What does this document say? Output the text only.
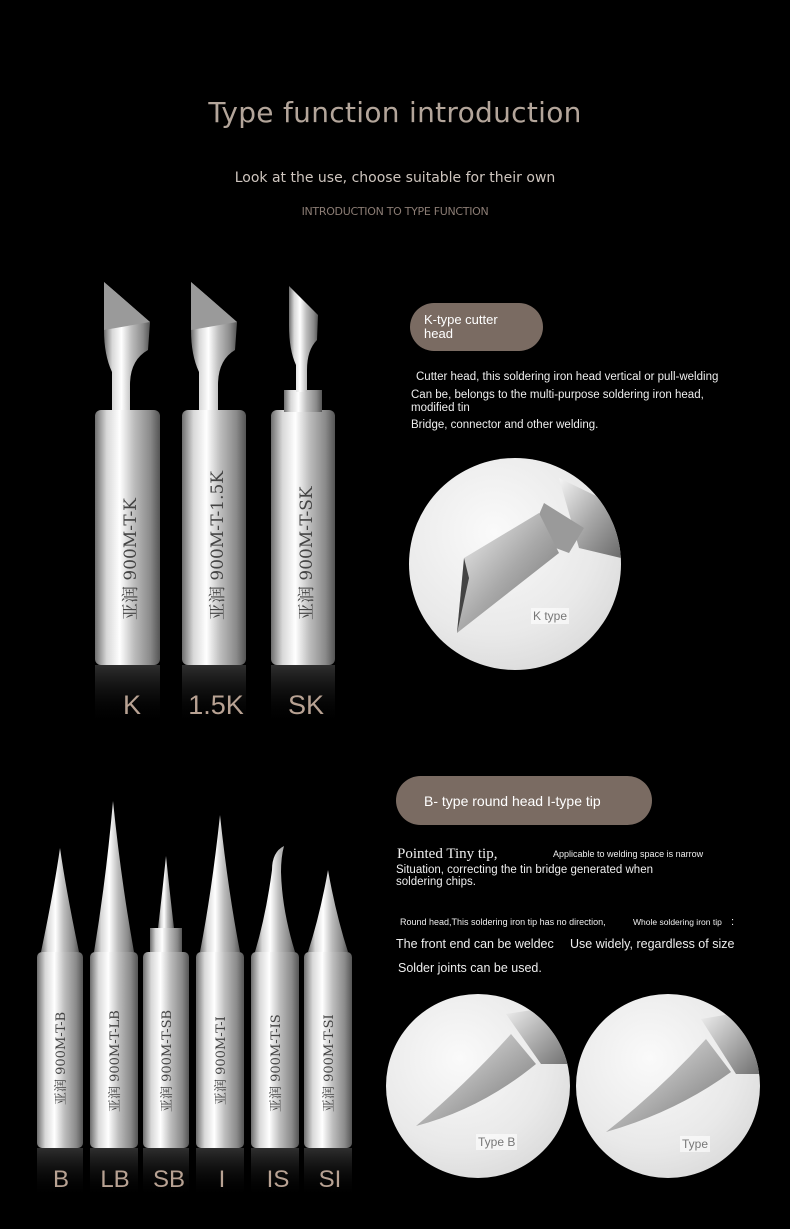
Type function introduction
Look at the use, choose suitable for their own
INTRODUCTION TO TYPE FUNCTION
亚润 900M-T-K	亚润 900M-T-1.5K	亚润 900M-T-SK
亚润 900M-T-B	亚润 900M-T-LB	亚润 900M-T-SB	亚润 900M-T-I	亚润 900M-T-IS	亚润 900M-T-SI
K	1.5K	SK
B LB SB	I	IS SI
K-type cutter head
Cutter head, this soldering iron head vertical or pull-welding
Can be, belongs to the multi-purpose soldering iron head, modified tin
Bridge, connector and other welding.
K type
B- type round head I-type tip
Pointed Tiny tip,	Applicable to welding space is narrow
Situation, correcting the tin bridge generated when soldering chips.
Round head,This soldering iron tip has no direction,	Whole soldering iron tip :
The front end can be weldec Use widely, regardless of size
Solder joints can be used.
Type B	Type
